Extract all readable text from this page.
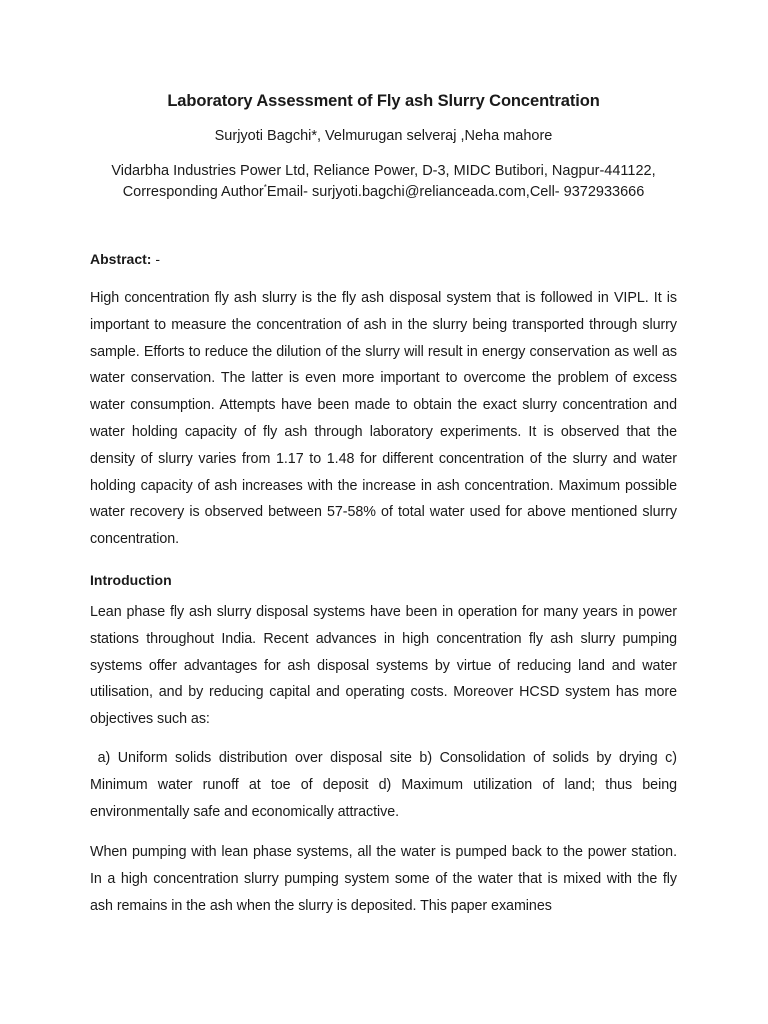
Laboratory Assessment of Fly ash Slurry Concentration

Surjyoti Bagchi*, Velmurugan selveraj ,Neha mahore

Vidarbha Industries Power Ltd, Reliance Power, D-3, MIDC Butibori, Nagpur-441122,
Corresponding Author*Email- surjyoti.bagchi@relianceada.com,Cell- 9372933666

Abstract: -

High concentration fly ash slurry is the fly ash disposal system that is followed in VIPL. It is important to measure the concentration of ash in the slurry being transported through slurry sample. Efforts to reduce the dilution of the slurry will result in energy conservation as well as water conservation. The latter is even more important to overcome the problem of excess water consumption. Attempts have been made to obtain the exact slurry concentration and water holding capacity of fly ash through laboratory experiments. It is observed that the density of slurry varies from 1.17 to 1.48 for different concentration of the slurry and water holding capacity of ash increases with the increase in ash concentration. Maximum possible water recovery is observed between 57-58% of total water used for above mentioned slurry concentration.

Introduction

Lean phase fly ash slurry disposal systems have been in operation for many years in power stations throughout India. Recent advances in high concentration fly ash slurry pumping systems offer advantages for ash disposal systems by virtue of reducing land and water utilisation, and by reducing capital and operating costs. Moreover HCSD system has more objectives such as:

a) Uniform solids distribution over disposal site b) Consolidation of solids by drying c) Minimum water runoff at toe of deposit d) Maximum utilization of land; thus being environmentally safe and economically attractive.

When pumping with lean phase systems, all the water is pumped back to the power station. In a high concentration slurry pumping system some of the water that is mixed with the fly ash remains in the ash when the slurry is deposited. This paper examines
